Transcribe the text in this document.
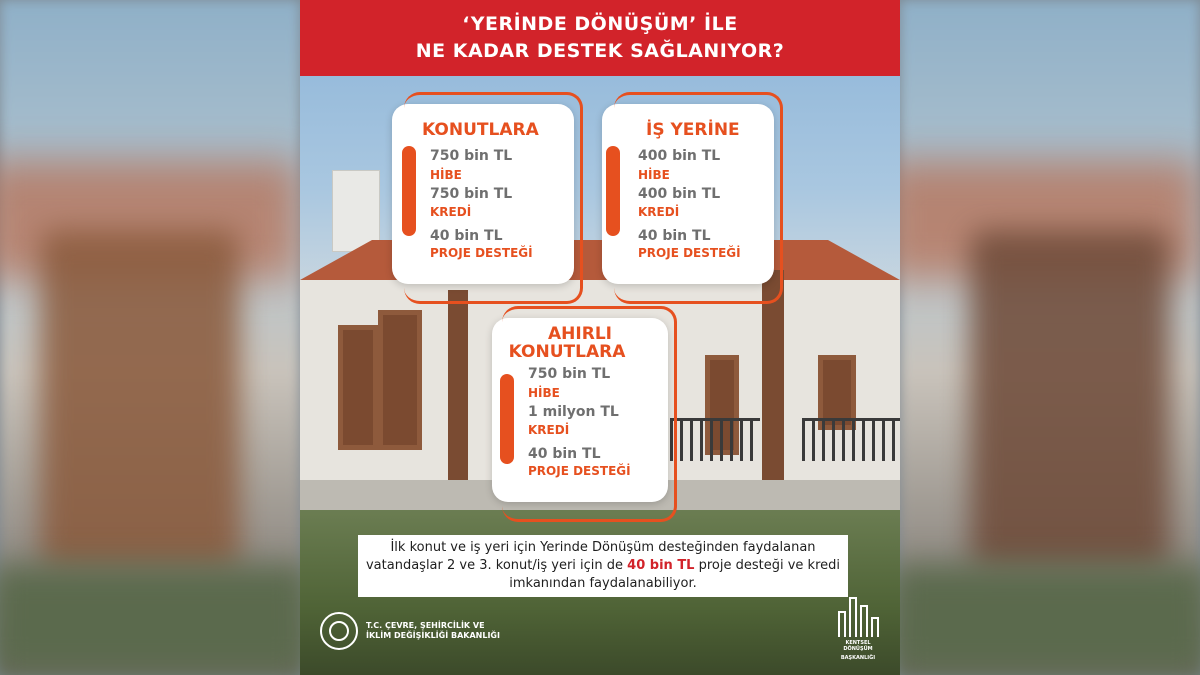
‘YERİNDE DÖNÜŞÜM’ İLE
NE KADAR DESTEK SAĞLANIYOR?
KONUTLARA
750 bin TL
HİBE
750 bin TL
KREDİ
40 bin TL
PROJE DESTEĞİ
İŞ YERİNE
400 bin TL
HİBE
400 bin TL
KREDİ
40 bin TL
PROJE DESTEĞİ
AHIRLI
KONUTLARA
750 bin TL
HİBE
1 milyon TL
KREDİ
40 bin TL
PROJE DESTEĞİ
İlk konut ve iş yeri için Yerinde Dönüşüm desteğinden faydalanan vatandaşlar 2 ve 3. konut/iş yeri için de 40 bin TL proje desteği ve kredi imkanından faydalanabiliyor.
T.C. ÇEVRE, ŞEHİRCİLİK VE
İKLİM DEĞİŞİKLİĞİ BAKANLIĞI
KENTSEL DÖNÜŞÜM
BAŞKANLIĞI
